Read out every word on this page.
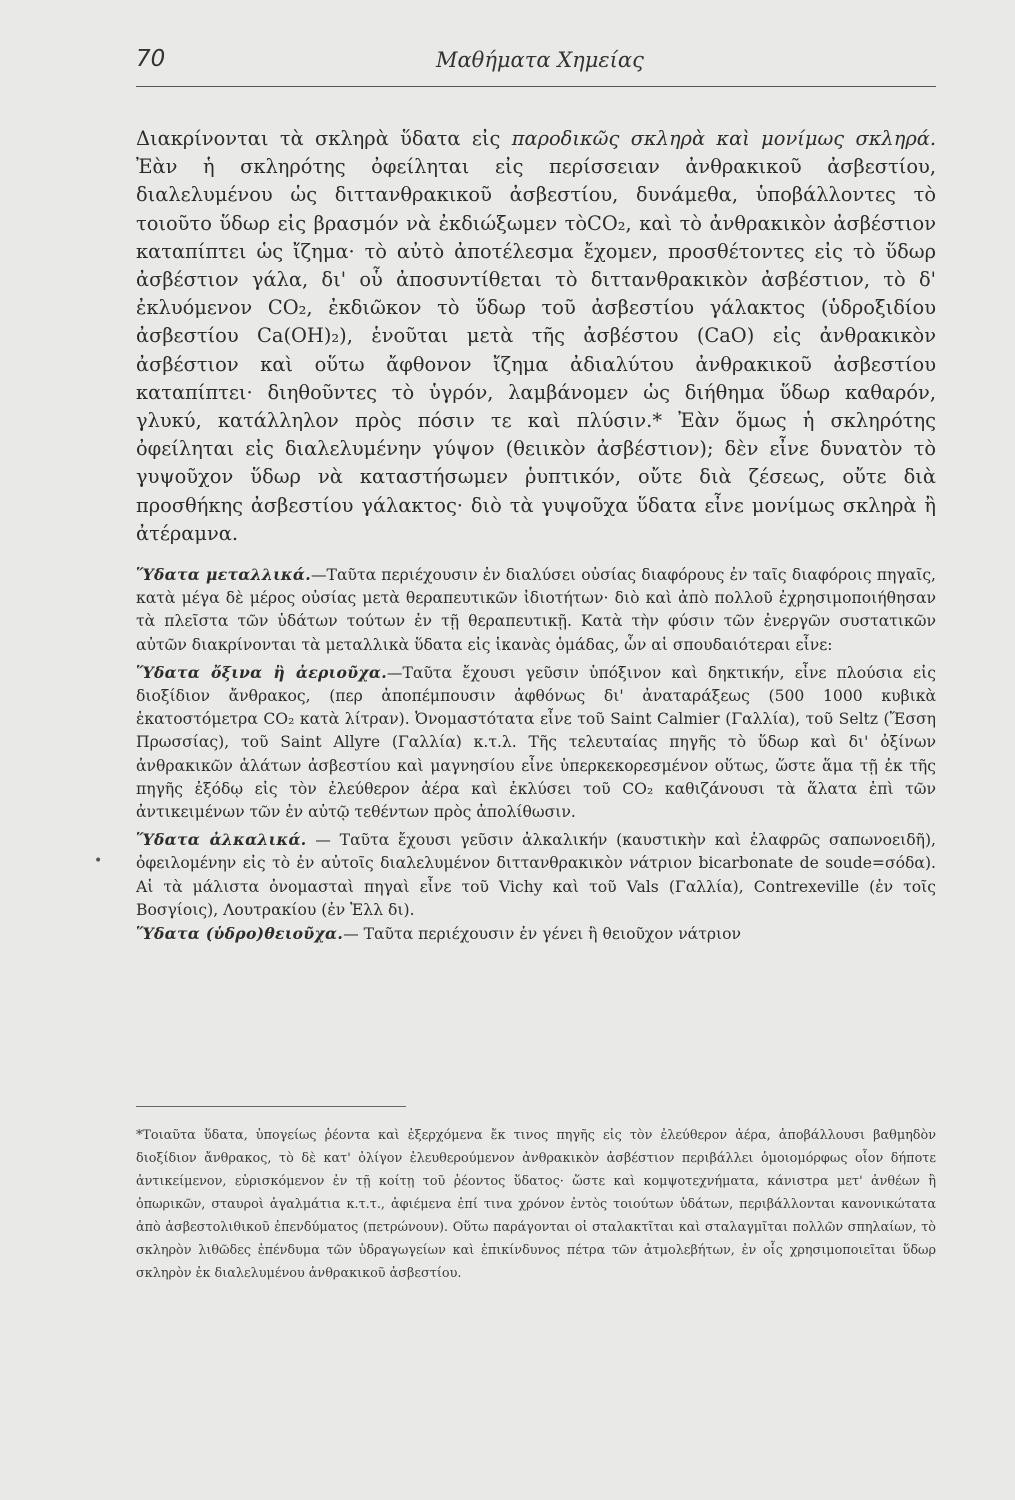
70	Μαθήματα Χημείας

Διακρίνονται τὰ σκληρὰ ὕδατα εἰς παροδικῶς σκληρὰ καὶ μονίμως σκληρά. Ἐὰν ἡ σκληρότης ὀφείληται εἰς περίσσειαν ἀνθρακικοῦ ἀσβεστίου, διαλελυμένου ὡς διττανθρακικοῦ ἀσβεστίου, δυνάμεθα, ὑποβάλλοντες τὸ τοιοῦτο ὕδωρ εἰς βρασμόν νὰ ἐκδιώξωμεν τὸCO₂, καὶ τὸ ἀνθρακικὸν ἀσβέστιον καταπίπτει ὡς ἴζημα· τὸ αὐτὸ ἀποτέλεσμα ἔχομεν, προσθέτοντες εἰς τὸ ὕδωρ ἀσβέστιον γάλα, δι' οὗ ἀποσυντίθεται τὸ διττανθρακικὸν ἀσβέστιον, τὸ δ' ἐκλυόμενον CO₂, ἐκδιῶκον τὸ ὕδωρ τοῦ ἀσβεστίου γάλακτος (ὑδροξιδίου ἀσβεστίου Ca(OH)₂), ἑνοῦται μετὰ τῆς ἀσβέστου (CaO) εἰς ἀνθρακικὸν ἀσβέστιον καὶ οὕτω ἄφθονον ἴζημα ἀδιαλύτου ἀνθρακικοῦ ἀσβεστίου καταπίπτει· διηθοῦντες τὸ ὑγρόν, λαμβάνομεν ὡς διήθημα ὕδωρ καθαρόν, γλυκύ, κατάλληλον πρὸς πόσιν τε καὶ πλύσιν.* Ἐὰν ὅμως ἡ σκληρότης ὀφείληται εἰς διαλελυμένην γύψον (θειικὸν ἀσβέστιον); δὲν εἶνε δυνατὸν τὸ γυψοῦχον ὕδωρ νὰ καταστήσωμεν ῥυπτικόν, οὔτε διὰ ζέσεως, οὔτε διὰ προσθήκης ἀσβεστίου γάλακτος· διὸ τὰ γυψοῦχα ὕδατα εἶνε μονίμως σκληρὰ ἢ ἀτέραμνα.

Ὕδατα μεταλλικά.—Ταῦτα περιέχουσιν ἐν διαλύσει οὐσίας διαφόρους ἐν ταῖς διαφόροις πηγαῖς, κατὰ μέγα δὲ μέρος οὐσίας μετὰ θεραπευτικῶν ἰδιοτήτων· διὸ καὶ ἀπὸ πολλοῦ ἐχρησιμοποιήθησαν τὰ πλεῖστα τῶν ὑδάτων τούτων ἐν τῇ θεραπευτικῇ. Κατὰ τὴν φύσιν τῶν ἐνεργῶν συστατικῶν αὐτῶν διακρίνονται τὰ μεταλλικὰ ὕδατα εἰς ἱκανὰς ὁμάδας, ὧν αἱ σπουδαιότεραι εἶνε:

Ὕδατα ὄξινα ἢ ἀεριοῦχα.—Ταῦτα ἔχουσι γεῦσιν ὑπόξινον καὶ δηκτικήν, εἶνε πλούσια εἰς διοξίδιον ἄνθρακος, (περ ἀποπέμπουσιν ἀφθόνως δι' ἀναταράξεως (500 1000 κυβικὰ ἑκατοστόμετρα CO₂ κατὰ λίτραν). Ὀνομαστότατα εἶνε τοῦ Saint Calmier (Γαλλία), τοῦ Seltz (Ἔσση Πρωσσίας), τοῦ Saint Allyre (Γαλλία) κ.τ.λ. Τῆς τελευταίας πηγῆς τὸ ὕδωρ καὶ δι' ὀξίνων ἀνθρακικῶν ἁλάτων ἀσβεστίου καὶ μαγνησίου εἶνε ὑπερκεκορεσμένον οὕτως, ὥστε ἅμα τῇ ἐκ τῆς πηγῆς ἐξόδῳ εἰς τὸν ἐλεύθερον ἀέρα καὶ ἐκλύσει τοῦ CO₂ καθιζάνουσι τὰ ἅλατα ἐπὶ τῶν ἀντικειμένων τῶν ἐν αὐτῷ τεθέντων πρὸς ἀπολίθωσιν.

Ὕδατα ἀλκαλικά. — Ταῦτα ἔχουσι γεῦσιν ἀλκαλικήν (καυστικὴν καὶ ἐλαφρῶς σαπωνοειδῆ), ὀφειλομένην εἰς τὸ ἐν αὐτοῖς διαλελυμένον διττανθρακικὸν νάτριον bicarbonate de soude=σόδα). Αἱ τὰ μάλιστα ὀνομασταὶ πηγαὶ εἶνε τοῦ Vichy καὶ τοῦ Vals (Γαλλία), Contrexeville (ἐν τοῖς Βοσγίοις), Λουτρακίου (ἐν Ἑλλ δι).

Ὕδατα (ὑδρο)θειοῦχα.— Ταῦτα περιέχουσιν ἐν γένει ἢ θειοῦχον νάτριον

•
*Τοιαῦτα ὕδατα, ὑπογείως ῥέοντα καὶ ἐξερχόμενα ἔκ τινος πηγῆς εἰς τὸν ἐλεύθερον ἀέρα, ἀποβάλλουσι βαθμηδὸν διοξίδιον ἄνθρακος, τὸ δὲ κατ' ὀλίγον ἐλευθερούμενον ἀνθρακικὸν ἀσβέστιον περιβάλλει ὁμοιομόρφως οἷον δήποτε ἀντικείμενον, εὑρισκόμενον ἐν τῇ κοίτῃ τοῦ ῥέοντος ὕδατος· ὥστε καὶ κομψοτεχνήματα, κάνιστρα μετ' ἀνθέων ἢ ὀπωρικῶν, σταυροὶ ἀγαλμάτια κ.τ.τ., ἀφιέμενα ἐπί τινα χρόνον ἐντὸς τοιούτων ὑδάτων, περιβάλλονται κανονικώτατα ἀπὸ ἀσβεστολιθικοῦ ἐπενδύματος (πετρώνουν). Οὕτω παράγονται οἱ σταλακτῖται καὶ σταλαγμῖται πολλῶν σπηλαίων, τὸ σκληρὸν λιθῶδες ἐπένδυμα τῶν ὑδραγωγείων καὶ ἐπικίνδυνος πέτρα τῶν ἀτμολεβήτων, ἐν οἷς χρησιμοποιεῖται ὕδωρ σκληρὸν ἐκ διαλελυμένου ἀνθρακικοῦ ἀσβεστίου.
